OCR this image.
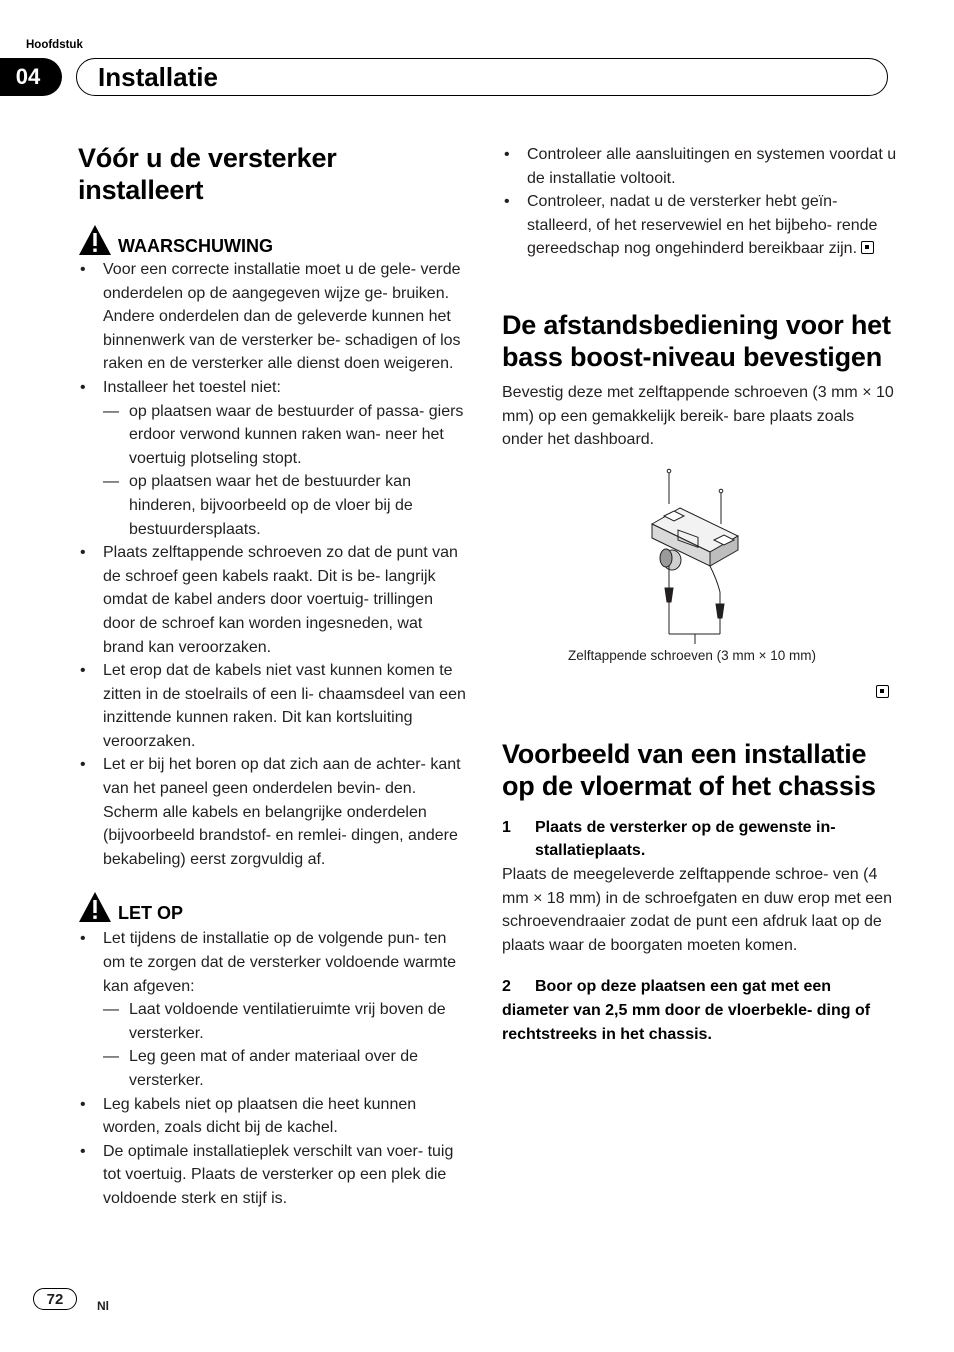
Hoofdstuk
04	Installatie
Vóór u de versterker installeert
WAARSCHUWING
• Voor een correcte installatie moet u de gele- verde onderdelen op de aangegeven wijze ge- bruiken. Andere onderdelen dan de geleverde kunnen het binnenwerk van de versterker be- schadigen of los raken en de versterker alle dienst doen weigeren.
• Installeer het toestel niet:
— op plaatsen waar de bestuurder of passa- giers erdoor verwond kunnen raken wan- neer het voertuig plotseling stopt.
— op plaatsen waar het de bestuurder kan hinderen, bijvoorbeeld op de vloer bij de bestuurdersplaats.
• Plaats zelftappende schroeven zo dat de punt van de schroef geen kabels raakt. Dit is be- langrijk omdat de kabel anders door voertuig- trillingen door de schroef kan worden ingesneden, wat brand kan veroorzaken.
• Let erop dat de kabels niet vast kunnen komen te zitten in de stoelrails of een li- chaamsdeel van een inzittende kunnen raken. Dit kan kortsluiting veroorzaken.
• Let er bij het boren op dat zich aan de achter- kant van het paneel geen onderdelen bevin- den. Scherm alle kabels en belangrijke onderdelen (bijvoorbeeld brandstof- en remlei- dingen, andere bekabeling) eerst zorgvuldig af.
LET OP
• Let tijdens de installatie op de volgende pun- ten om te zorgen dat de versterker voldoende warmte kan afgeven:
— Laat voldoende ventilatieruimte vrij boven de versterker.
— Leg geen mat of ander materiaal over de versterker.
• Leg kabels niet op plaatsen die heet kunnen worden, zoals dicht bij de kachel.
• De optimale installatieplek verschilt van voer- tuig tot voertuig. Plaats de versterker op een plek die voldoende sterk en stijf is.
• Controleer alle aansluitingen en systemen voordat u de installatie voltooit.
• Controleer, nadat u de versterker hebt geïn- stalleerd, of het reservewiel en het bijbeho- rende gereedschap nog ongehinderd bereikbaar zijn.
De afstandsbediening voor het bass boost-niveau bevestigen
Bevestig deze met zelftappende schroeven (3 mm × 10 mm) op een gemakkelijk bereik- bare plaats zoals onder het dashboard.
Zelftappende schroeven (3 mm × 10 mm)
Voorbeeld van een installatie op de vloermat of het chassis
1	Plaats de versterker op de gewenste in- stallatieplaats.
Plaats de meegeleverde zelftappende schroe- ven (4 mm × 18 mm) in de schroefgaten en duw erop met een schroevendraaier zodat de punt een afdruk laat op de plaats waar de boorgaten moeten komen.
2 Boor op deze plaatsen een gat met een diameter van 2,5 mm door de vloerbekle- ding of rechtstreeks in het chassis.
72	Nl
